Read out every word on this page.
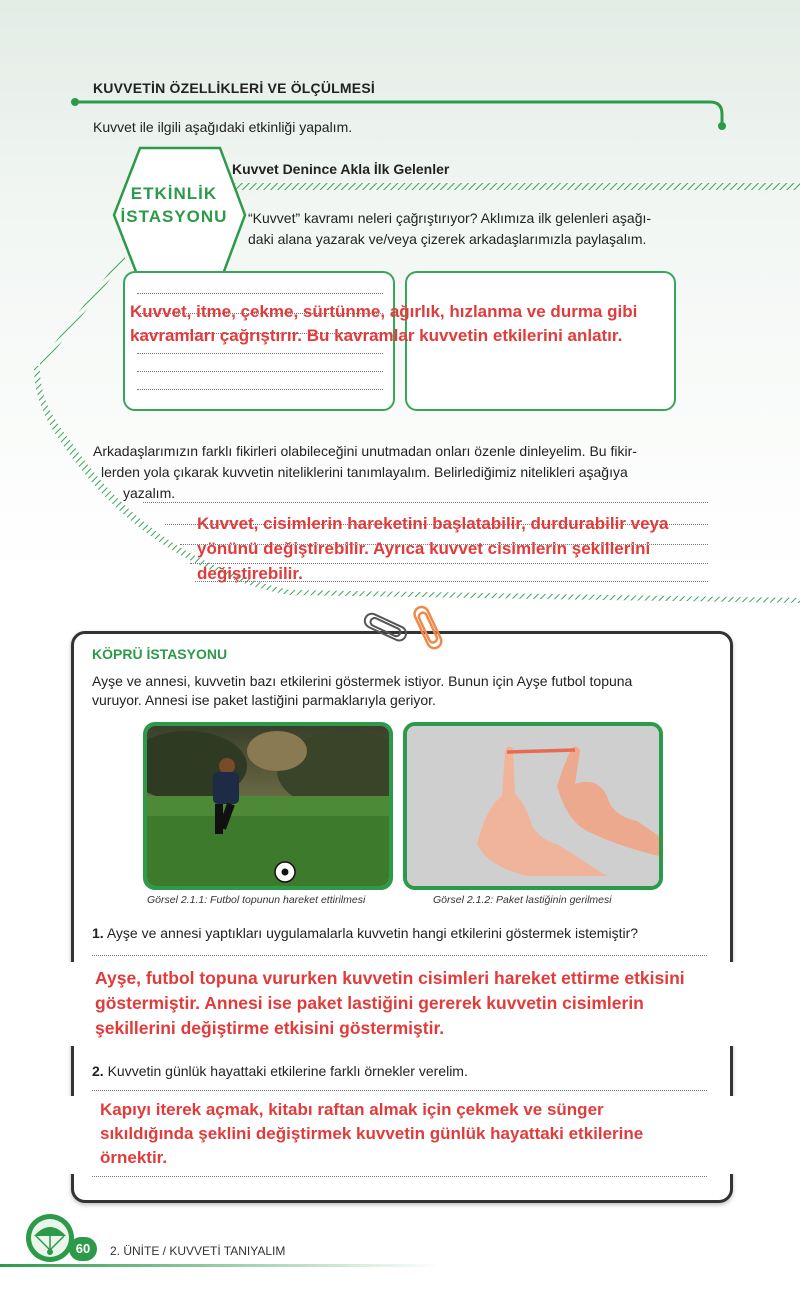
KUVVETİN ÖZELLİKLERİ VE ÖLÇÜLMESİ
Kuvvet ile ilgili aşağıdaki etkinliği yapalım.
ETKİNLİK
İSTASYONU
Kuvvet Denince Akla İlk Gelenler
“Kuvvet” kavramı neleri çağrıştırıyor? Aklımıza ilk gelenleri aşağı-
daki alana yazarak ve/veya çizerek arkadaşlarımızla paylaşalım.
Kuvvet, itme, çekme, sürtünme, ağırlık, hızlanma ve durma gibi
kavramları çağrıştırır. Bu kavramlar kuvvetin etkilerini anlatır.
Arkadaşlarımızın farklı fikirleri olabileceğini unutmadan onları özenle dinleyelim. Bu fikir-
lerden yola çıkarak kuvvetin niteliklerini tanımlayalım. Belirlediğimiz nitelikleri aşağıya
yazalım.
Kuvvet, cisimlerin hareketini başlatabilir, durdurabilir veya
yönünü değiştirebilir. Ayrıca kuvvet cisimlerin şekillerini
değiştirebilir.
KÖPRÜ İSTASYONU
Ayşe ve annesi, kuvvetin bazı etkilerini göstermek istiyor. Bunun için Ayşe futbol topuna
vuruyor. Annesi ise paket lastiğini parmaklarıyla geriyor.
Görsel 2.1.1: Futbol topunun hareket ettirilmesi	Görsel 2.1.2: Paket lastiğinin gerilmesi
1. Ayşe ve annesi yaptıkları uygulamalarla kuvvetin hangi etkilerini göstermek istemiştir?
Ayşe, futbol topuna vururken kuvvetin cisimleri hareket ettirme etkisini
göstermiştir. Annesi ise paket lastiğini gererek kuvvetin cisimlerin
şekillerini değiştirme etkisini göstermiştir.
2. Kuvvetin günlük hayattaki etkilerine farklı örnekler verelim.
Kapıyı iterek açmak, kitabı raftan almak için çekmek ve sünger
sıkıldığında şeklini değiştirmek kuvvetin günlük hayattaki etkilerine
örnektir.
60	2. ÜNİTE / KUVVETİ TANIYALIM
